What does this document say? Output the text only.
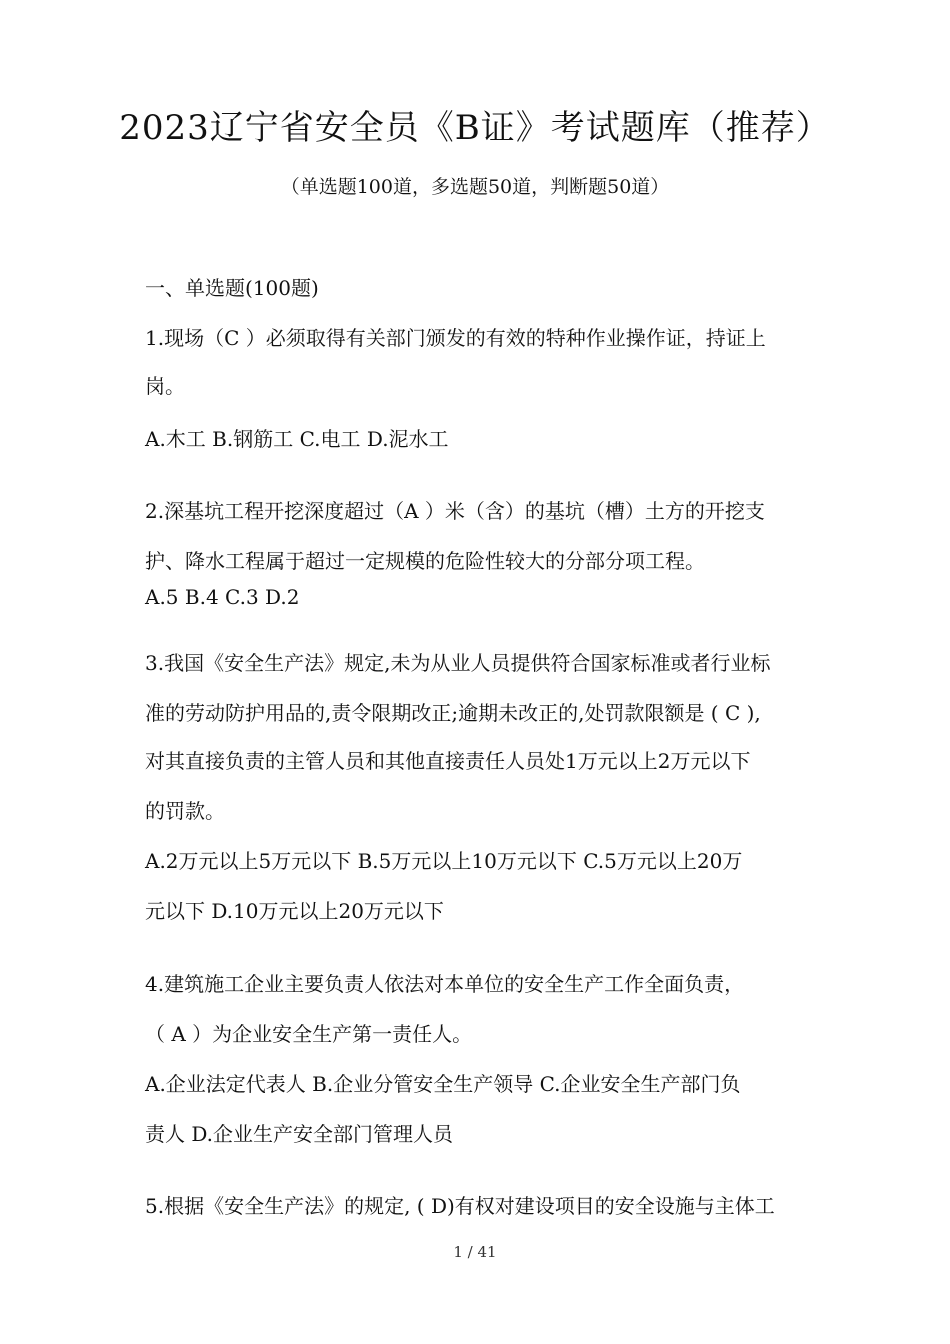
2023辽宁省安全员《B证》考试题库（推荐）
（单选题100道，多选题50道，判断题50道）
一、单选题(100题)
1.现场（C ）必须取得有关部门颁发的有效的特种作业操作证，持证上
岗。
A.木工 B.钢筋工 C.电工 D.泥水工
2.深基坑工程开挖深度超过（A ）米（含）的基坑（槽）土方的开挖支
护、降水工程属于超过一定规模的危险性较大的分部分项工程。
A.5 B.4 C.3 D.2
3.我国《安全生产法》规定,未为从业人员提供符合国家标准或者行业标
准的劳动防护用品的,责令限期改正;逾期未改正的,处罚款限额是 ( C ),
对其直接负责的主管人员和其他直接责任人员处1万元以上2万元以下
的罚款。
A.2万元以上5万元以下 B.5万元以上10万元以下 C.5万元以上20万
元以下 D.10万元以上20万元以下
4.建筑施工企业主要负责人依法对本单位的安全生产工作全面负责，
（ A ）为企业安全生产第一责任人。
A.企业法定代表人 B.企业分管安全生产领导 C.企业安全生产部门负
责人 D.企业生产安全部门管理人员
5.根据《安全生产法》的规定, ( D)有权对建设项目的安全设施与主体工
1 / 41
